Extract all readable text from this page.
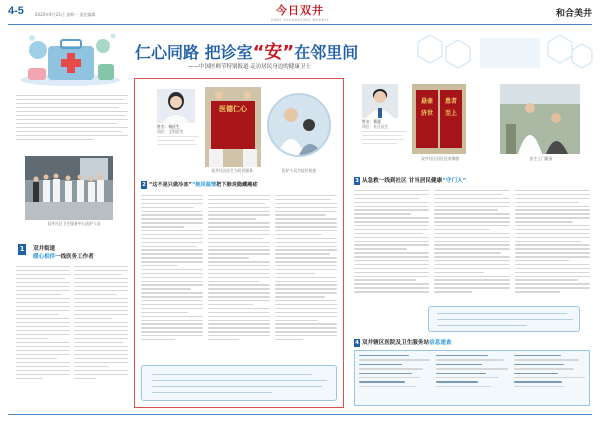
4-5	2020年9月21日 星期一 责任编辑	今日双井
JINRI SHUANGJING WEEKLY
和合美井
仁心同路 把诊室“安”在邻里间
——中国医师节特别报道·走访居民身边的健康卫士
双井社区卫生服务中心医护人员
1 双井街道
暖心相伴一线医务工作者
姓名：杨医生
岗位：全科医生
医德仁心
双井社区医生为居民服务	医护人员为居民检查
2 “这不是只做冷冻”“她用温情把下肺炎隐藏癌症
姓名：曹蕾
岗位：社区医生
悬壶济世
患者至上
双井社区居民送来锦旗	医生上门服务
3 从急救一线到社区 甘当居民健康“守门人”
4 双井辖区医院及卫生服务站信息速查
